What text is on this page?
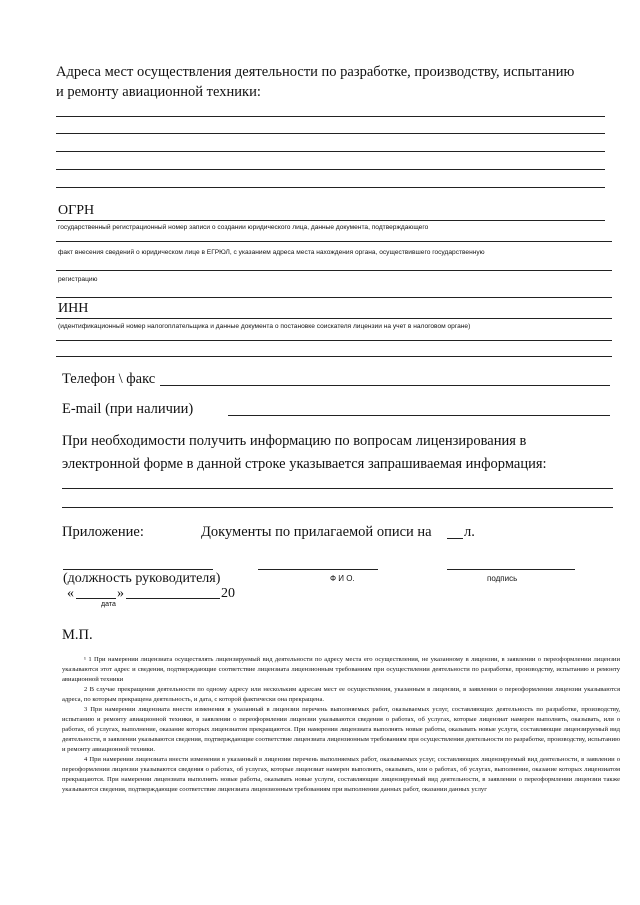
Адреса мест осуществления деятельности по разработке, производству, испытанию
и ремонту авиационной техники:
ОГРН
государственный регистрационный номер записи о создании юридического лица, данные документа, подтверждающего
факт внесения сведений о юридическом лице в ЕГРЮЛ, с указанием адреса места нахождения органа, осуществившего государственную
регистрацию
ИНН
(идентификационный номер налогоплательщика и данные документа о постановке соискателя лицензии на учет в налоговом органе)
Телефон \ факс
E-mail (при наличии)
При необходимости получить информацию по вопросам лицензирования в
электронной форме в данной строке указывается запрашиваемая информация:
Приложение:	Документы по прилагаемой описи на л.
(должность руководителя)	Ф И О.	подпись
«	»	20
дата
М.П.

¹ 1 При намерении лицензиата осуществлять лицензируемый вид деятельности по адресу места его осуществления, не указанному в лицензии, в заявлении о переоформлении лицензии указываются этот адрес и сведения, подтверждающие соответствие лицензиата лицензионным требованиям при осуществлении деятельности по разработке, производству, испытанию и ремонту авиационной техники

2 В случае прекращения деятельности по одному адресу или нескольким адресам мест ее осуществления, указанным в лицензии, в заявлении о переоформлении лицензии указываются адреса, по которым прекращена деятельность, и дата, с которой фактически она прекращена.

3 При намерении лицензиата внести изменения в указанный в лицензии перечень выполняемых работ, оказываемых услуг, составляющих деятельность по разработке, производству, испытанию и ремонту авиационной техники, в заявлении о переоформлении лицензии указываются сведения о работах, об услугах, которые лицензиат намерен выполнять, оказывать, или о работах, об услугах, выполнение, оказание которых лицензиатом прекращаются. При намерении лицензиата выполнять новые работы, оказывать новые услуги, составляющие лицензируемый вид деятельности, в заявлении указываются сведения, подтверждающие соответствие лицензиата лицензионным требованиям при осуществлении деятельности по разработке, производству, испытанию и ремонту авиационной техники.

4 При намерении лицензиата внести изменения в указанный в лицензии перечень выполняемых работ, оказываемых услуг, составляющих лицензируемый вид деятельности, в заявлении о переоформлении лицензии указываются сведения о работах, об услугах, которые лицензиат намерен выполнять, оказывать, или о работах, об услугах, выполнение, оказание которых лицензиатом прекращаются. При намерении лицензиата выполнять новые работы, оказывать новые услуги, составляющие лицензируемый вид деятельности, в заявлении о переоформлении лицензии также указываются сведения, подтверждающие соответствие лицензиата лицензионным требованиям при выполнении данных работ, оказании данных услуг
